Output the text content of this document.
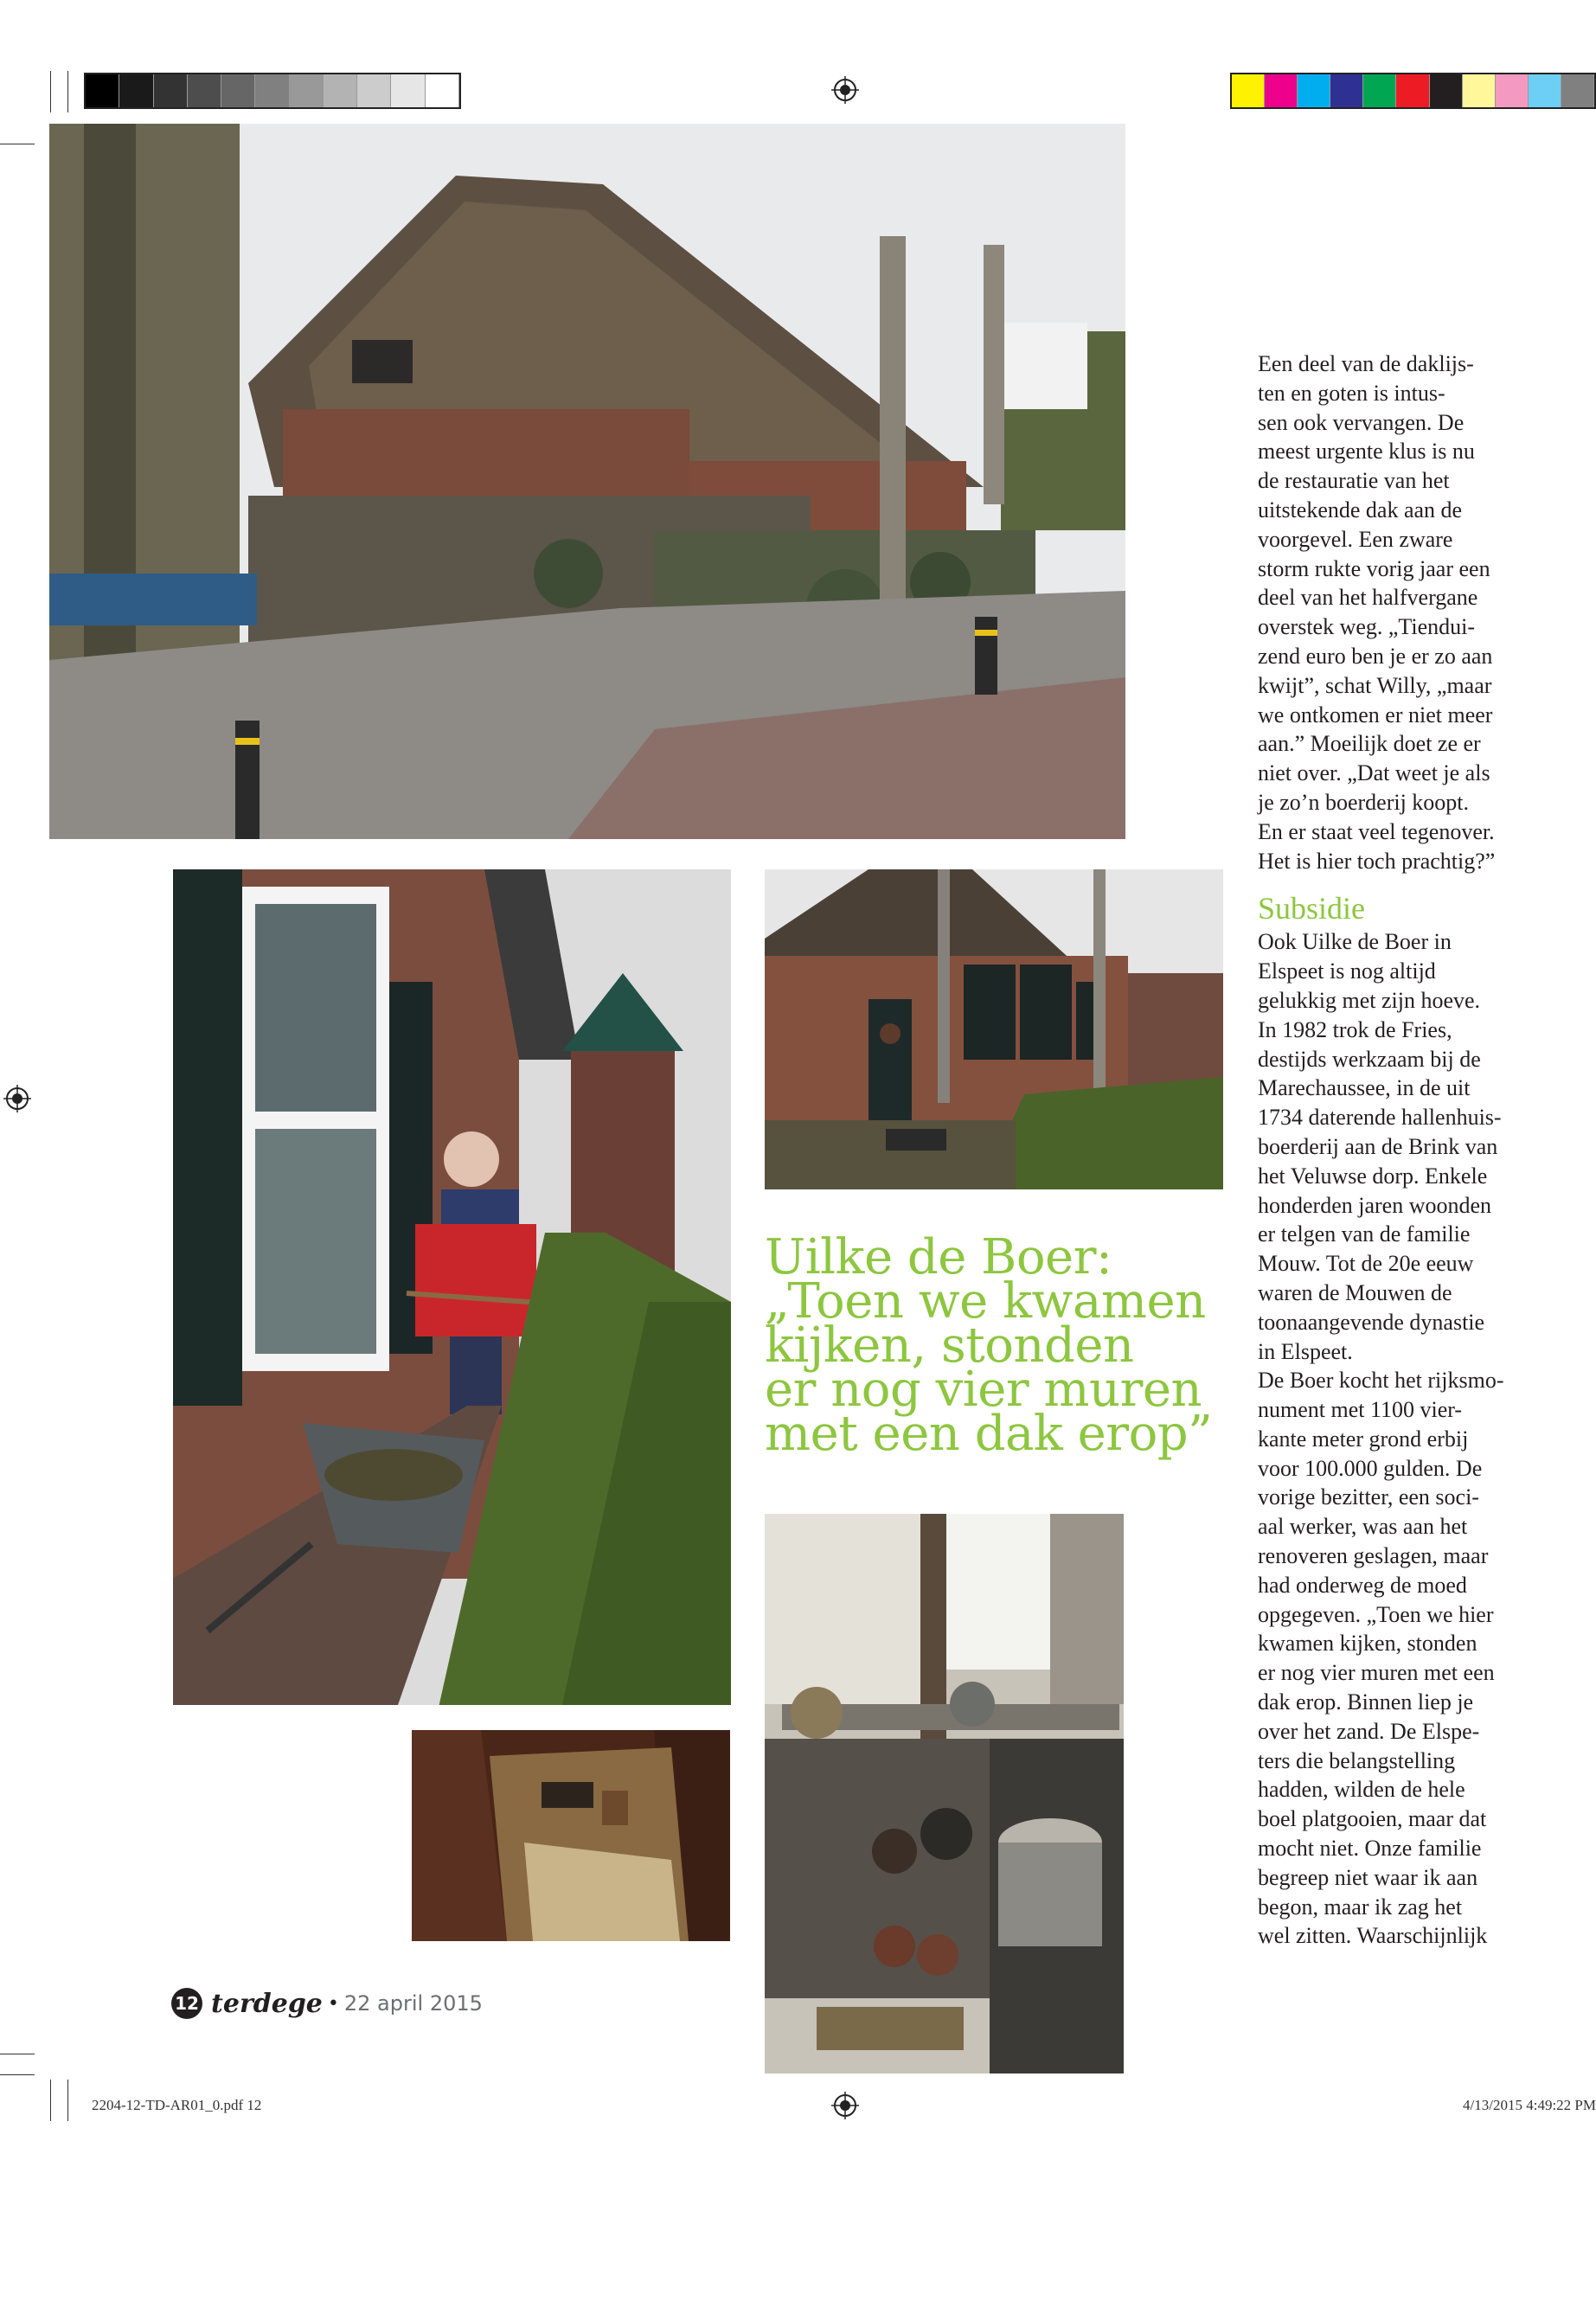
Uilke de Boer:
„Toen we kwamen
kijken, stonden
er nog vier muren
met een dak erop”

Een deel van de daklijs-
ten en goten is intus-
sen ook vervangen. De
meest urgente klus is nu
de restauratie van het
uitstekende dak aan de
voorgevel. Een zware
storm rukte vorig jaar een
deel van het halfvergane
overstek weg. „Tiendui-
zend euro ben je er zo aan
kwijt”, schat Willy, „maar
we ontkomen er niet meer
aan.” Moeilijk doet ze er
niet over. „Dat weet je als
je zo’n boerderij koopt.
En er staat veel tegenover.
Het is hier toch prachtig?”

Subsidie

Ook Uilke de Boer in
Elspeet is nog altijd
gelukkig met zijn hoeve.
In 1982 trok de Fries,
destijds werkzaam bij de
Marechaussee, in de uit
1734 daterende hallenhuis-
boerderij aan de Brink van
het Veluwse dorp. Enkele
honderden jaren woonden
er telgen van de familie
Mouw. Tot de 20e eeuw
waren de Mouwen de
toonaangevende dynastie
in Elspeet.

De Boer kocht het rijksmo-
nument met 1100 vier-
kante meter grond erbij
voor 100.000 gulden. De
vorige bezitter, een soci-
aal werker, was aan het
renoveren geslagen, maar
had onderweg de moed
opgegeven. „Toen we hier
kwamen kijken, stonden
er nog vier muren met een
dak erop. Binnen liep je
over het zand. De Elspe-
ters die belangstelling
hadden, wilden de hele
boel platgooien, maar dat
mocht niet. Onze familie
begreep niet waar ik aan
begon, maar ik zag het
wel zitten. Waarschijnlijk

12 terdege • 22 april 2015
2204-12-TD-AR01_0.pdf 12	4/13/2015 4:49:22 PM
